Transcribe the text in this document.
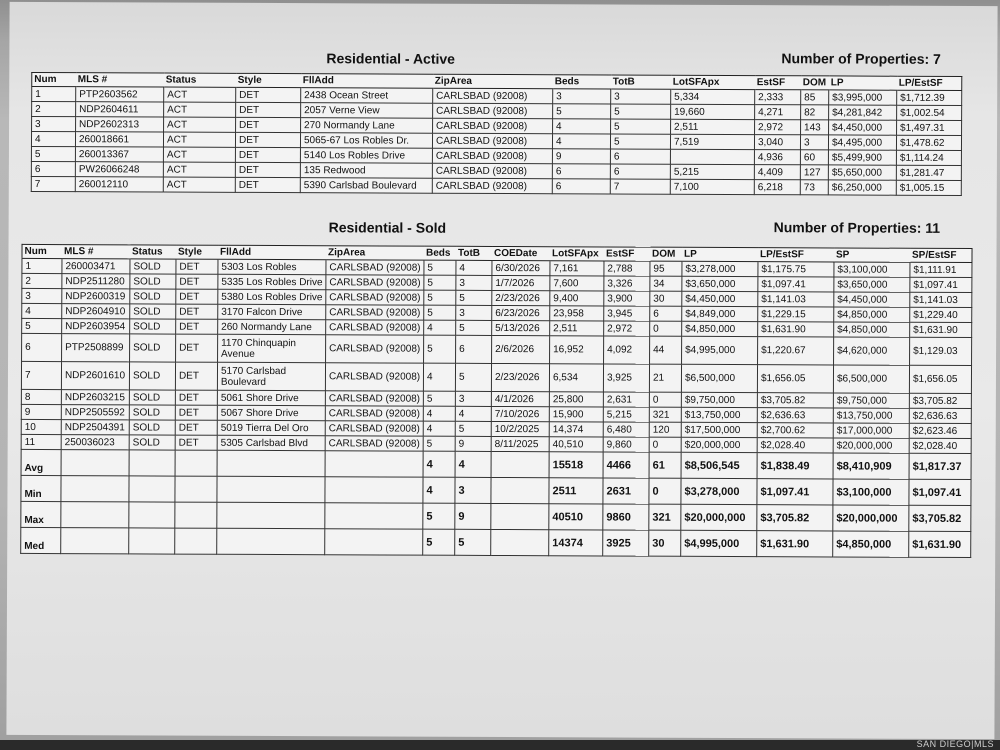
Residential - Active	Number of Properties: 7
Num	MLS #	Status	Style	FllAdd	ZipArea	Beds	TotB	LotSFApx	EstSF	DOM	LP	LP/EstSF
1	PTP2603562	ACT	DET	2438 Ocean Street	CARLSBAD (92008)	3	3	5,334	2,333	85	$3,995,000	$1,712.39
2	NDP2604611	ACT	DET	2057 Verne View	CARLSBAD (92008)	5	5	19,660	4,271	82	$4,281,842	$1,002.54
3	NDP2602313	ACT	DET	270 Normandy Lane	CARLSBAD (92008)	4	5	2,511	2,972	143	$4,450,000	$1,497.31
4	260018661	ACT	DET	5065-67 Los Robles Dr.	CARLSBAD (92008)	4	5	7,519	3,040	3	$4,495,000	$1,478.62
5	260013367	ACT	DET	5140 Los Robles Drive	CARLSBAD (92008)	9	6		4,936	60	$5,499,900	$1,114.24
6	PW26066248	ACT	DET	135 Redwood	CARLSBAD (92008)	6	6	5,215	4,409	127	$5,650,000	$1,281.47
7	260012110	ACT	DET	5390 Carlsbad Boulevard	CARLSBAD (92008)	6	7	7,100	6,218	73	$6,250,000	$1,005.15
Residential - Sold	Number of Properties: 11
Num	MLS #	Status	Style	FllAdd	ZipArea	Beds	TotB	COEDate	LotSFApx	EstSF	DOM	LP	LP/EstSF	SP	SP/EstSF
1	260003471	SOLD	DET	5303 Los Robles	CARLSBAD (92008)	5	4	6/30/2026	7,161	2,788	95	$3,278,000	$1,175.75	$3,100,000	$1,111.91
2	NDP2511280	SOLD	DET	5335 Los Robles Drive	CARLSBAD (92008)	5	3	1/7/2026	7,600	3,326	34	$3,650,000	$1,097.41	$3,650,000	$1,097.41
3	NDP2600319	SOLD	DET	5380 Los Robles Drive	CARLSBAD (92008)	5	5	2/23/2026	9,400	3,900	30	$4,450,000	$1,141.03	$4,450,000	$1,141.03
4	NDP2604910	SOLD	DET	3170 Falcon Drive	CARLSBAD (92008)	5	3	6/23/2026	23,958	3,945	6	$4,849,000	$1,229.15	$4,850,000	$1,229.40
5	NDP2603954	SOLD	DET	260 Normandy Lane	CARLSBAD (92008)	4	5	5/13/2026	2,511	2,972	0	$4,850,000	$1,631.90	$4,850,000	$1,631.90
6	PTP2508899	SOLD	DET	1170 Chinquapin Avenue	CARLSBAD (92008)	5	6	2/6/2026	16,952	4,092	44	$4,995,000	$1,220.67	$4,620,000	$1,129.03
7	NDP2601610	SOLD	DET	5170 Carlsbad Boulevard	CARLSBAD (92008)	4	5	2/23/2026	6,534	3,925	21	$6,500,000	$1,656.05	$6,500,000	$1,656.05
8	NDP2603215	SOLD	DET	5061 Shore Drive	CARLSBAD (92008)	5	3	4/1/2026	25,800	2,631	0	$9,750,000	$3,705.82	$9,750,000	$3,705.82
9	NDP2505592	SOLD	DET	5067 Shore Drive	CARLSBAD (92008)	4	4	7/10/2026	15,900	5,215	321	$13,750,000	$2,636.63	$13,750,000	$2,636.63
10	NDP2504391	SOLD	DET	5019 Tierra Del Oro	CARLSBAD (92008)	4	5	10/2/2025	14,374	6,480	120	$17,500,000	$2,700.62	$17,000,000	$2,623.46
11	250036023	SOLD	DET	5305 Carlsbad Blvd	CARLSBAD (92008)	5	9	8/11/2025	40,510	9,860	0	$20,000,000	$2,028.40	$20,000,000	$2,028.40
Avg						4	4		15518	4466	61	$8,506,545	$1,838.49	$8,410,909	$1,817.37
Min						4	3		2511	2631	0	$3,278,000	$1,097.41	$3,100,000	$1,097.41
Max						5	9		40510	9860	321	$20,000,000	$3,705.82	$20,000,000	$3,705.82
Med						5	5		14374	3925	30	$4,995,000	$1,631.90	$4,850,000	$1,631.90
SAN DIEGO|MLS
